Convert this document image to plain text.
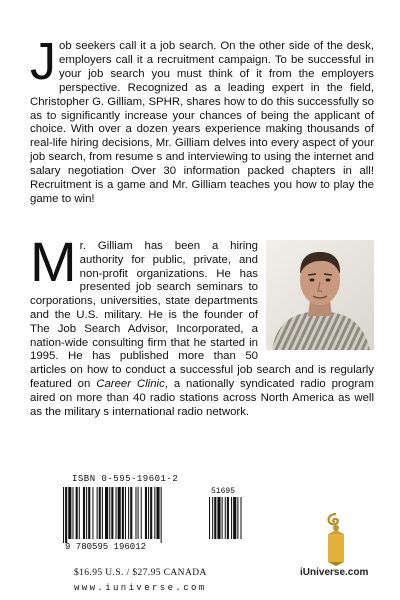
Job seekers call it a job search. On the other side of the desk, employers call it a recruitment campaign. To be successful in your job search you must think of it from the employers perspective. Recognized as a leading expert in the field, Christopher G. Gilliam, SPHR, shares how to do this successfully so as to significantly increase your chances of being the applicant of choice. With over a dozen years experience making thousands of real-life hiring decisions, Mr. Gilliam delves into every aspect of your job search, from resume s and interviewing to using the internet and salary negotiation Over 30 information packed chapters in all! Recruitment is a game and Mr. Gilliam teaches you how to play the game to win!
Mr. Gilliam has been a hiring authority for public, private, and non-profit organizations. He has presented job search seminars to corporations, universities, state departments and the U.S. military. He is the founder of The Job Search Advisor, Incorporated, a nation-wide consulting firm that he started in 1995. He has published more than 50 articles on how to conduct a successful job search and is regularly featured on Career Clinic, a nationally syndicated radio program aired on more than 40 radio stations across North America as well as the military s international radio network.
ISBN 0-595-19601-2
9 780595 196012
51695
$16.95 U.S. / $27.95 CANADA
www.iuniverse.com
iUniverse.com
